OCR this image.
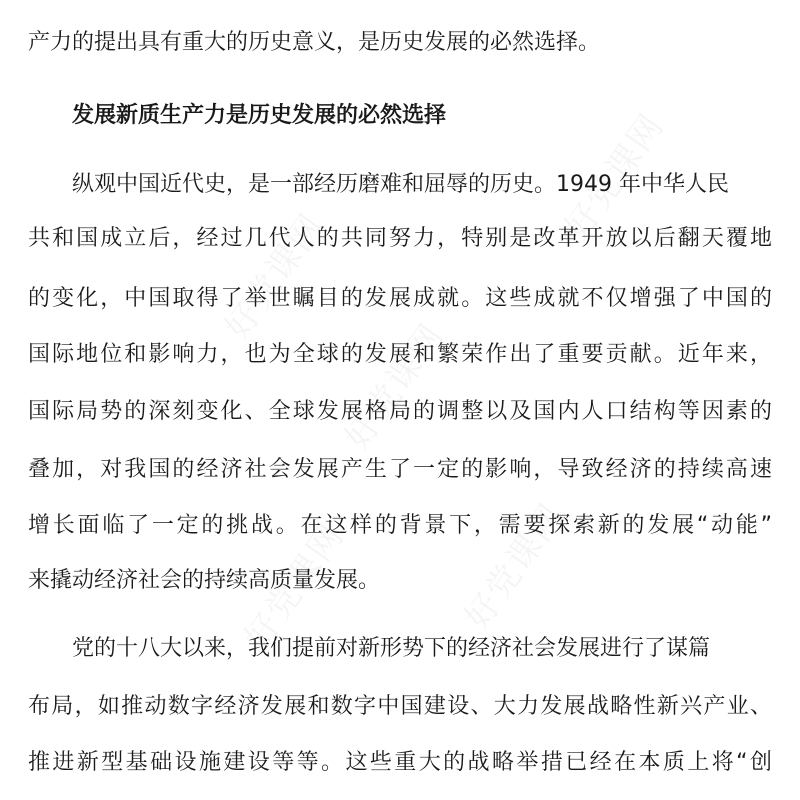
产力的提出具有重大的历史意义，是历史发展的必然选择。
发展新质生产力是历史发展的必然选择
纵观中国近代史，是一部经历磨难和屈辱的历史。1949 年中华人民
共和国成立后，经过几代人的共同努力，特别是改革开放以后翻天覆地
的变化，中国取得了举世瞩目的发展成就。这些成就不仅增强了中国的
国际地位和影响力，也为全球的发展和繁荣作出了重要贡献。近年来，
国际局势的深刻变化、全球发展格局的调整以及国内人口结构等因素的
叠加，对我国的经济社会发展产生了一定的影响，导致经济的持续高速
增长面临了一定的挑战。在这样的背景下，需要探索新的发展“动能”
来撬动经济社会的持续高质量发展。
党的十八大以来，我们提前对新形势下的经济社会发展进行了谋篇
布局，如推动数字经济发展和数字中国建设、大力发展战略性新兴产业、
推进新型基础设施建设等等。这些重大的战略举措已经在本质上将“创
